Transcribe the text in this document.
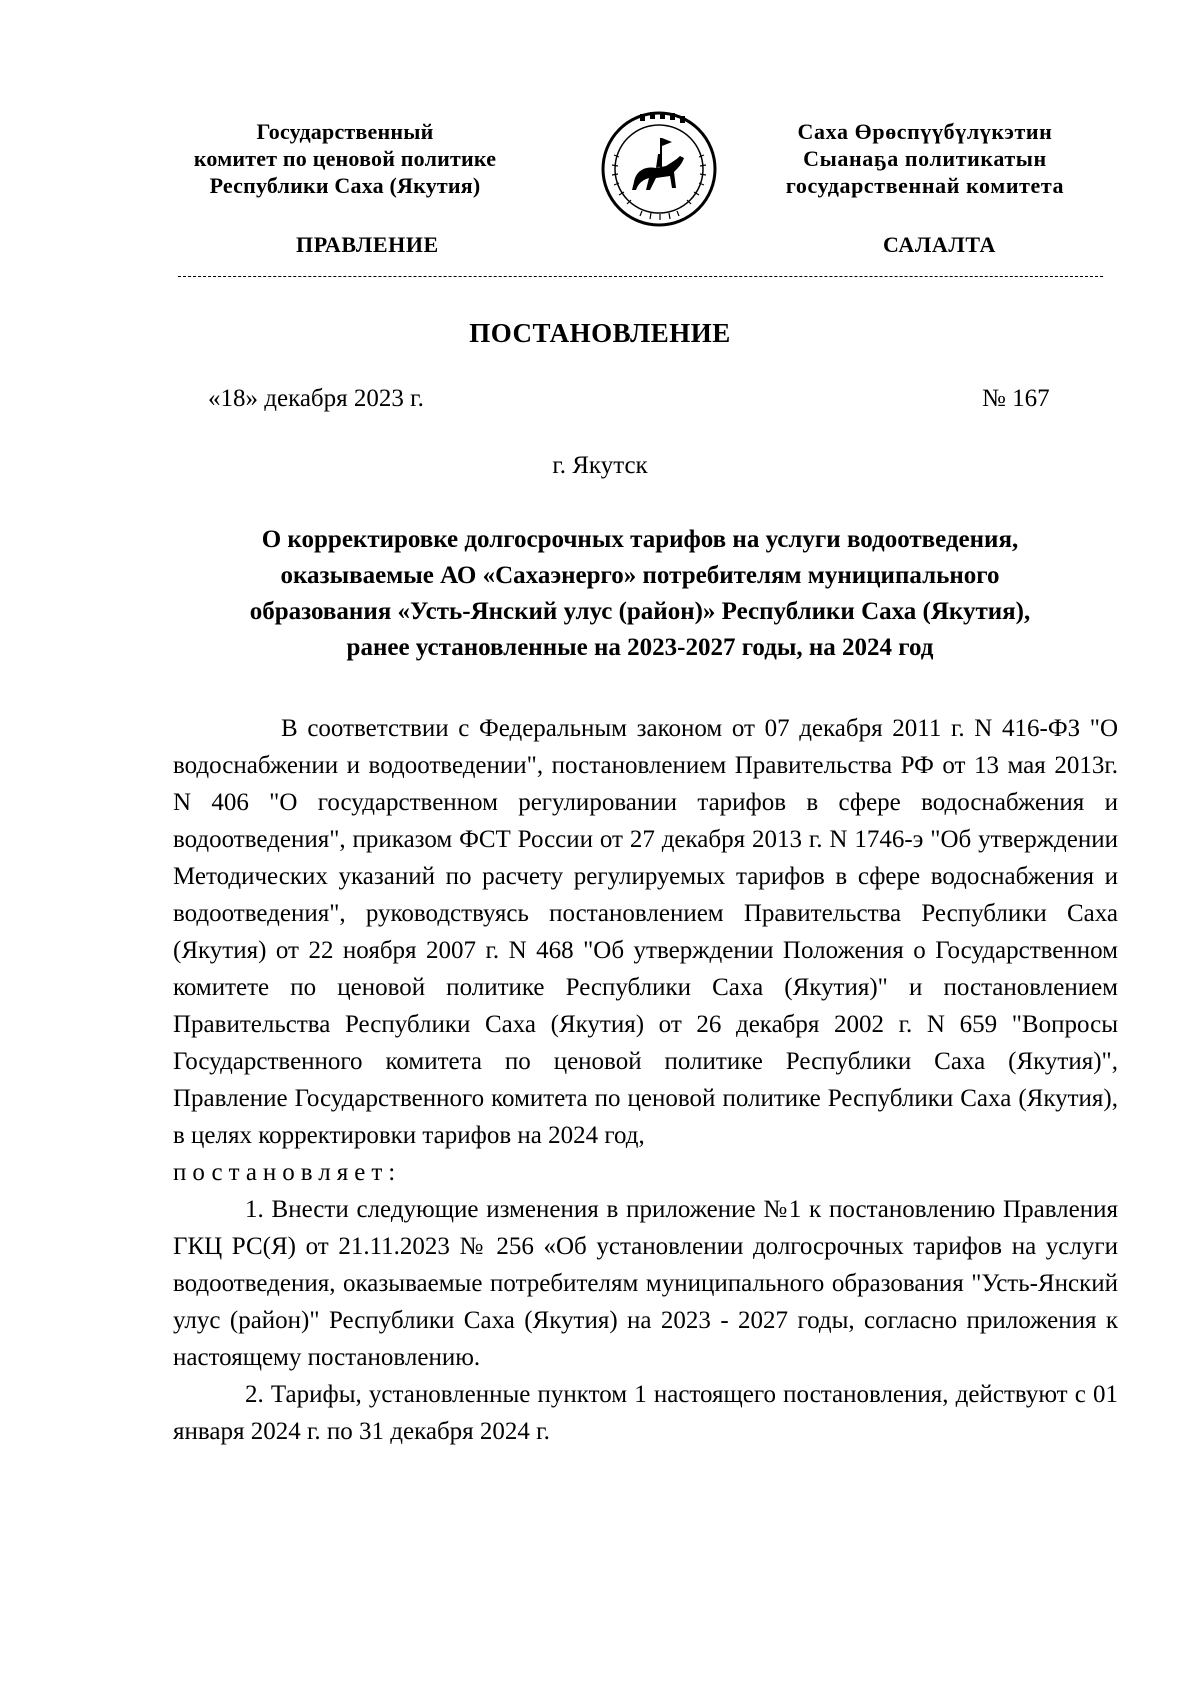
Государственный
комитет по ценовой политике
Республики Саха (Якутия)
Саха Өрөспүүбүлүкэтин
Сыанаҕа политикатын
государственнай комитета
ПРАВЛЕНИЕ	САЛАЛТА
ПОСТАНОВЛЕНИЕ
«18» декабря 2023 г.	№ 167
г. Якутск
О корректировке долгосрочных тарифов на услуги водоотведения,
оказываемые АО «Сахаэнерго» потребителям муниципального
образования «Усть-Янский улус (район)» Республики Саха (Якутия),
ранее установленные на 2023-2027 годы, на 2024 год

В соответствии с Федеральным законом от 07 декабря 2011 г. N 416-ФЗ "О водоснабжении и водоотведении", постановлением Правительства РФ от 13 мая 2013г. N 406 "О государственном регулировании тарифов в сфере водоснабжения и водоотведения", приказом ФСТ России от 27 декабря 2013 г. N 1746-э "Об утверждении Методических указаний по расчету регулируемых тарифов в сфере водоснабжения и водоотведения", руководствуясь постановлением Правительства Республики Саха (Якутия) от 22 ноября 2007 г. N 468 "Об утверждении Положения о Государственном комитете по ценовой политике Республики Саха (Якутия)" и постановлением Правительства Республики Саха (Якутия) от 26 декабря 2002 г. N 659 "Вопросы Государственного комитета по ценовой политике Республики Саха (Якутия)", Правление Государственного комитета по ценовой политике Республики Саха (Якутия), в целях корректировки тарифов на 2024 год,

постановляет:

1. Внести следующие изменения в приложение №1 к постановлению Правления ГКЦ РС(Я) от 21.11.2023 № 256 «Об установлении долгосрочных тарифов на услуги водоотведения, оказываемые потребителям муниципального образования "Усть-Янский улус (район)" Республики Саха (Якутия) на 2023 - 2027 годы, согласно приложения к настоящему постановлению.

2. Тарифы, установленные пунктом 1 настоящего постановления, действуют с 01 января 2024 г. по 31 декабря 2024 г.
